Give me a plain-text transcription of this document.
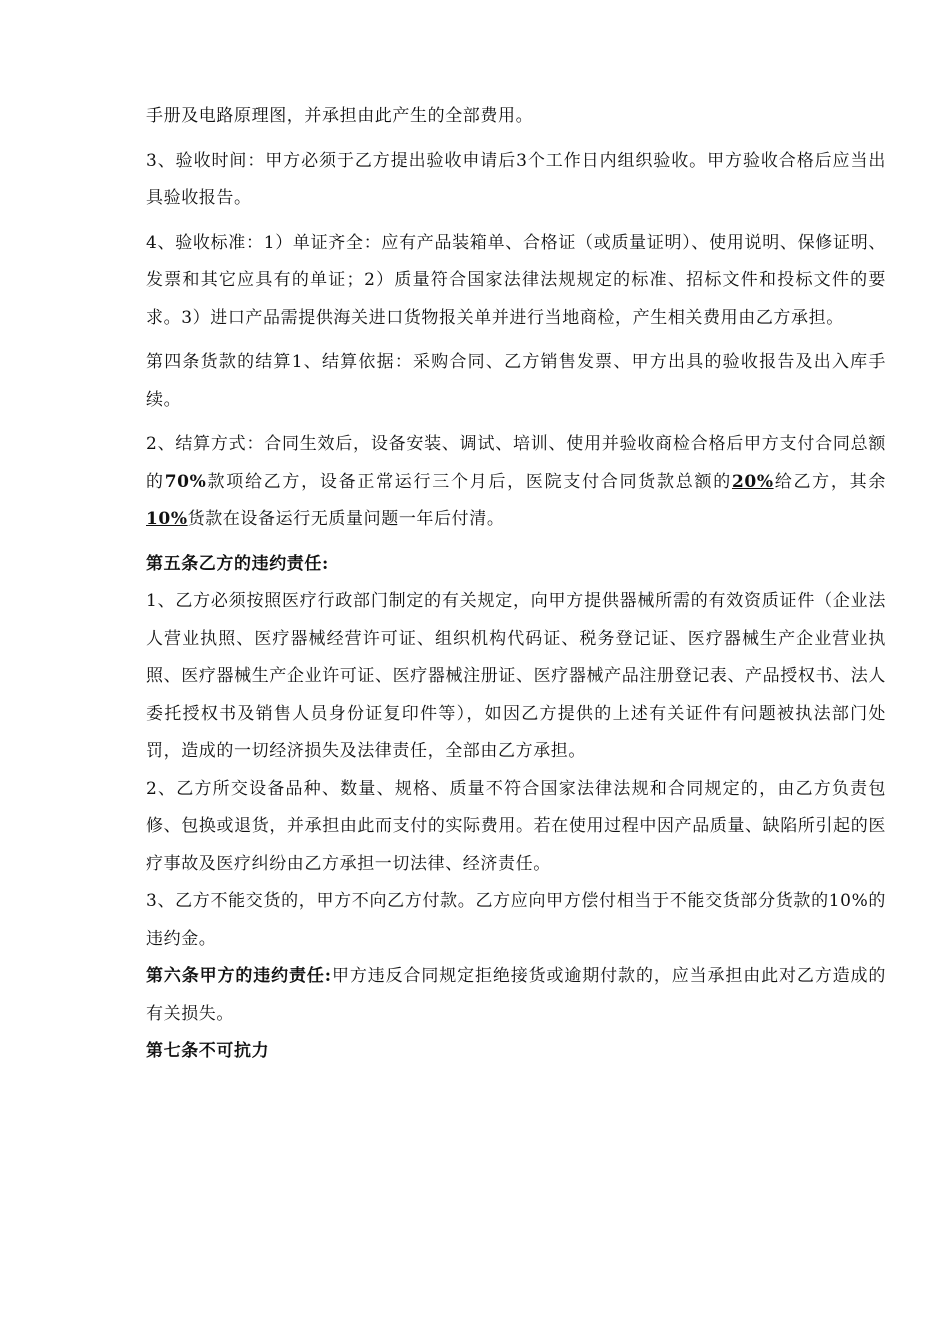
手册及电路原理图，并承担由此产生的全部费用。

3、验收时间：甲方必须于乙方提出验收申请后3个工作日内组织验收。甲方验收合格后应当出具验收报告。

4、验收标准：1）单证齐全：应有产品装箱单、合格证（或质量证明）、使用说明、保修证明、发票和其它应具有的单证；2）质量符合国家法律法规规定的标准、招标文件和投标文件的要求。3）进口产品需提供海关进口货物报关单并进行当地商检，产生相关费用由乙方承担。

第四条货款的结算1、结算依据：采购合同、乙方销售发票、甲方出具的验收报告及出入库手续。

2、结算方式：合同生效后，设备安装、调试、培训、使用并验收商检合格后甲方支付合同总额的70%款项给乙方，设备正常运行三个月后，医院支付合同货款总额的20%给乙方，其余10%货款在设备运行无质量问题一年后付清。

第五条乙方的违约责任:

1、乙方必须按照医疗行政部门制定的有关规定，向甲方提供器械所需的有效资质证件（企业法人营业执照、医疗器械经营许可证、组织机构代码证、税务登记证、医疗器械生产企业营业执照、医疗器械生产企业许可证、医疗器械注册证、医疗器械产品注册登记表、产品授权书、法人委托授权书及销售人员身份证复印件等），如因乙方提供的上述有关证件有问题被执法部门处罚，造成的一切经济损失及法律责任，全部由乙方承担。

2、乙方所交设备品种、数量、规格、质量不符合国家法律法规和合同规定的，由乙方负责包修、包换或退货，并承担由此而支付的实际费用。若在使用过程中因产品质量、缺陷所引起的医疗事故及医疗纠纷由乙方承担一切法律、经济责任。

3、乙方不能交货的，甲方不向乙方付款。乙方应向甲方偿付相当于不能交货部分货款的10%的违约金。

第六条甲方的违约责任:甲方违反合同规定拒绝接货或逾期付款的，应当承担由此对乙方造成的有关损失。

第七条不可抗力
